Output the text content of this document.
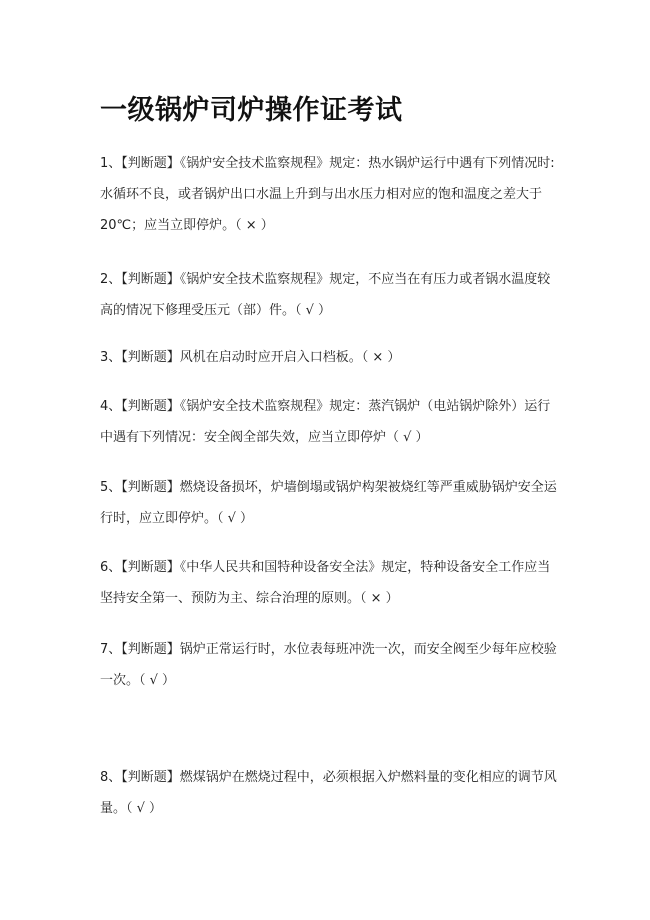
一级锅炉司炉操作证考试

1、【判断题】《锅炉安全技术监察规程》规定：热水锅炉运行中遇有下列情况时: 水循环不良，或者锅炉出口水温上升到与出水压力相对应的饱和温度之差大于 20℃；应当立即停炉。（ × ）

2、【判断题】《锅炉安全技术监察规程》规定，不应当在有压力或者锅水温度较高的情况下修理受压元（部）件。（ √ ）

3、【判断题】风机在启动时应开启入口档板。（ × ）

4、【判断题】《锅炉安全技术监察规程》规定：蒸汽锅炉（电站锅炉除外）运行中遇有下列情况：安全阀全部失效，应当立即停炉（ √ ）

5、【判断题】燃烧设备损坏，炉墙倒塌或锅炉构架被烧红等严重威胁锅炉安全运行时，应立即停炉。（ √ ）

6、【判断题】《中华人民共和国特种设备安全法》规定，特种设备安全工作应当坚持安全第一、预防为主、综合治理的原则。（ × ）

7、【判断题】锅炉正常运行时，水位表每班冲洗一次，而安全阀至少每年应校验一次。（ √ ）

8、【判断题】燃煤锅炉在燃烧过程中，必须根据入炉燃料量的变化相应的调节风量。（ √ ）
